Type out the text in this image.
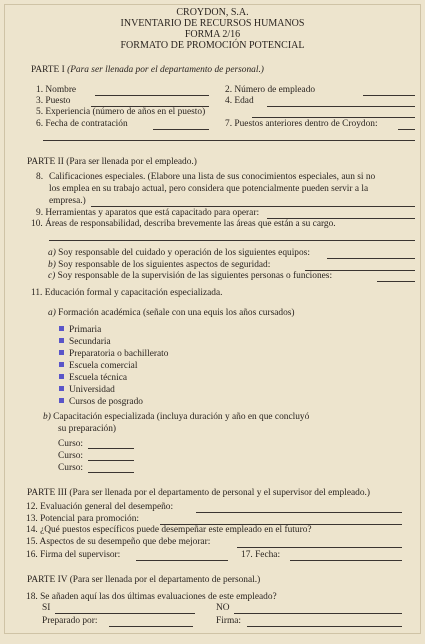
CROYDON, S.A.
INVENTARIO DE RECURSOS HUMANOS
FORMA 2/16
FORMATO DE PROMOCIÓN POTENCIAL
PARTE I (Para ser llenada por el departamento de personal.)
1. Nombre	2. Número de empleado
3. Puesto	4. Edad
5. Experiencia (número de años en el puesto)
6. Fecha de contratación	7. Puestos anteriores dentro de Croydon:
PARTE II (Para ser llenada por el empleado.)
8. Calificaciones especiales. (Elabore una lista de sus conocimientos especiales, aun si no
los emplea en su trabajo actual, pero considera que potencialmente pueden servir a la
empresa.)
9. Herramientas y aparatos que está capacitado para operar:
10. Áreas de responsabilidad, describa brevemente las áreas que están a su cargo.
a) Soy responsable del cuidado y operación de los siguientes equipos:
b) Soy responsable de los siguientes aspectos de seguridad:
c) Soy responsable de la supervisión de las siguientes personas o funciones:
11. Educación formal y capacitación especializada.
a) Formación académica (señale con una equis los años cursados)
Primaria
Secundaria
Preparatoria o bachillerato
Escuela comercial
Escuela técnica
Universidad
Cursos de posgrado
b) Capacitación especializada (incluya duración y año en que concluyó
su preparación)
Curso:
Curso:
Curso:
PARTE III (Para ser llenada por el departamento de personal y el supervisor del empleado.)
12. Evaluación general del desempeño:
13. Potencial para promoción:
14. ¿Qué puestos específicos puede desempeñar este empleado en el futuro?
15. Aspectos de su desempeño que debe mejorar:
16. Firma del supervisor:	17. Fecha:
PARTE IV (Para ser llenada por el departamento de personal.)
18. Se añaden aquí las dos últimas evaluaciones de este empleado?
SI	NO
Preparado por:	Firma:
